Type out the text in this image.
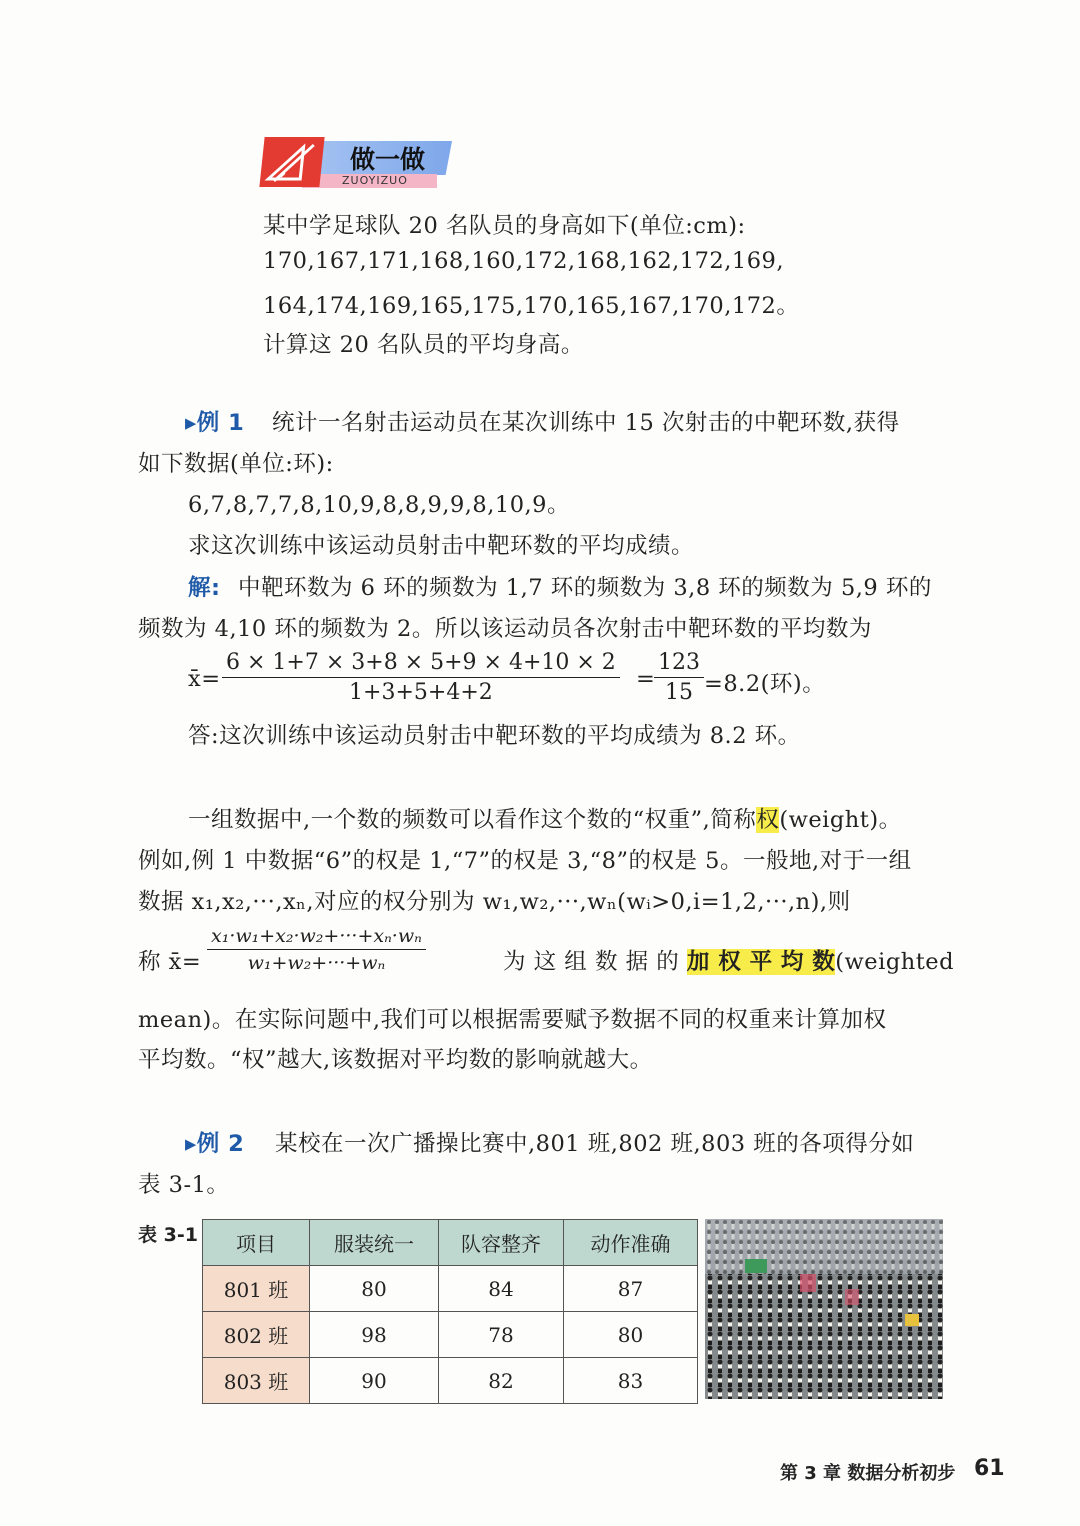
做一做
ZUOYIZUO
某中学足球队 20 名队员的身高如下(单位:cm):
170,167,171,168,160,172,168,162,172,169,
164,174,169,165,175,170,165,167,170,172。
计算这 20 名队员的平均身高。
▸例 1 统计一名射击运动员在某次训练中 15 次射击的中靶环数,获得
如下数据(单位:环):
6,7,8,7,7,8,10,9,8,8,9,9,8,10,9。
求这次训练中该运动员射击中靶环数的平均成绩。
解: 中靶环数为 6 环的频数为 1,7 环的频数为 3,8 环的频数为 5,9 环的
频数为 4,10 环的频数为 2。所以该运动员各次射击中靶环数的平均数为
x̄= $\frac{6 \times 1+7 \times 3+8 \times 5+9 \times 4+10 \times 2}{1+3+5+4+2}$ =
$\frac{123}{15} =8.2$(环)。
答:这次训练中该运动员射击中靶环数的平均成绩为 8.2 环。
一组数据中,一个数的频数可以看作这个数的“权重”,简称权(weight)。
例如,例 1 中数据“6”的权是 1,“7”的权是 3,“8”的权是 5。一般地,对于一组
数据 x₁,x₂,···,xₙ,对应的权分别为 w₁,w₂,···,wₙ(wᵢ>0,i=1,2,···,n),则
称 x̄= $\frac{\text{x₁·w₁+x₂·w₂+···+xₙ·wₙ}}{\text{w₁+w₂+···+wₙ}}$	为 这 组 数 据 的 加 权 平 均 数(weighted
mean)。在实际问题中,我们可以根据需要赋予数据不同的权重来计算加权
平均数。“权”越大,该数据对平均数的影响就越大。
▸例 2 某校在一次广播操比赛中,801 班,802 班,803 班的各项得分如
表 3-1。
表 3-1 项目	服装统一	队容整齐	动作准确
801 班	80	84	87
802 班	98	78	80
803 班	90	82	83
第 3 章 数据分析初步 61
